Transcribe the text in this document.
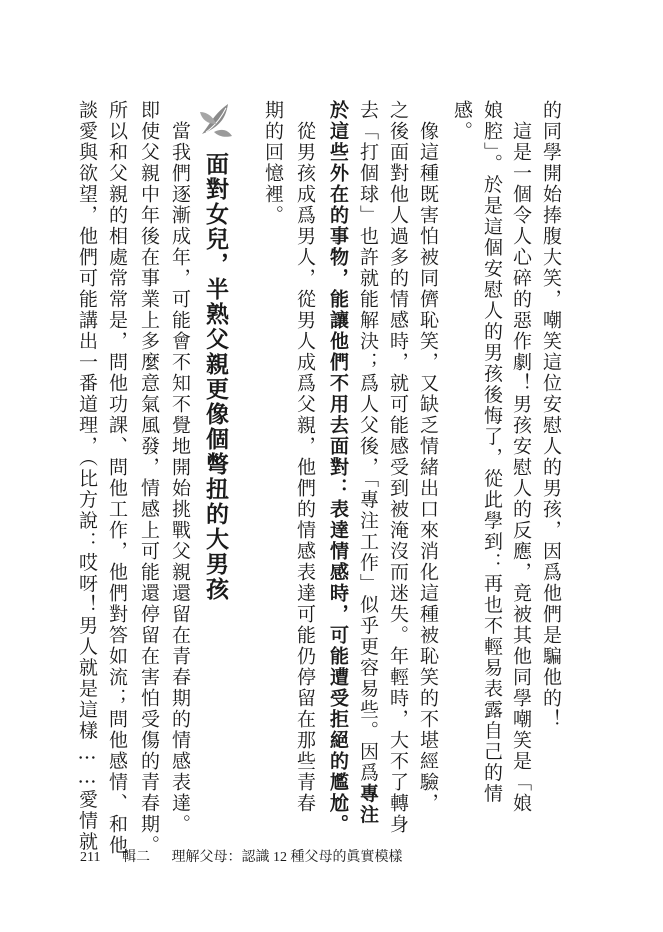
面對女兒，半熟父親更像個彆扭的大男孩	的同學開始捧腹大笑，嘲笑這位安慰人的男孩，因爲他們是騙他的！
　這是一個令人心碎的惡作劇！男孩安慰人的反應，竟被其他同學嘲笑是「娘
娘腔」。於是這個安慰人的男孩後悔了，從此學到：再也不輕易表露自己的情
感。
　像這種既害怕被同儕恥笑，又缺乏情緒出口來消化這種被恥笑的不堪經驗，
之後面對他人過多的情感時，就可能感受到被淹沒而迷失。年輕時，大不了轉身
去「打個球」也許就能解決；爲人父後，「專注工作」似乎更容易些。因爲專注
於這些外在的事物，能讓他們不用去面對：表達情感時，可能遭受拒絕的尷尬。
　從男孩成爲男人，從男人成爲父親，他們的情感表達可能仍停留在那些青春
期的回憶裡。
　當我們逐漸成年，可能會不知不覺地開始挑戰父親還留在青春期的情感表達。
即使父親中年後在事業上多麼意氣風發，情感上可能還停留在害怕受傷的青春期。
所以和父親的相處常常是，問他功課、問他工作，他們對答如流；問他感情、和他
談愛與欲望，他們可能講出一番道理，（比方說：哎呀！男人就是這樣……愛情就
211 輯二 理解父母：認識 12 種父母的眞實模樣
